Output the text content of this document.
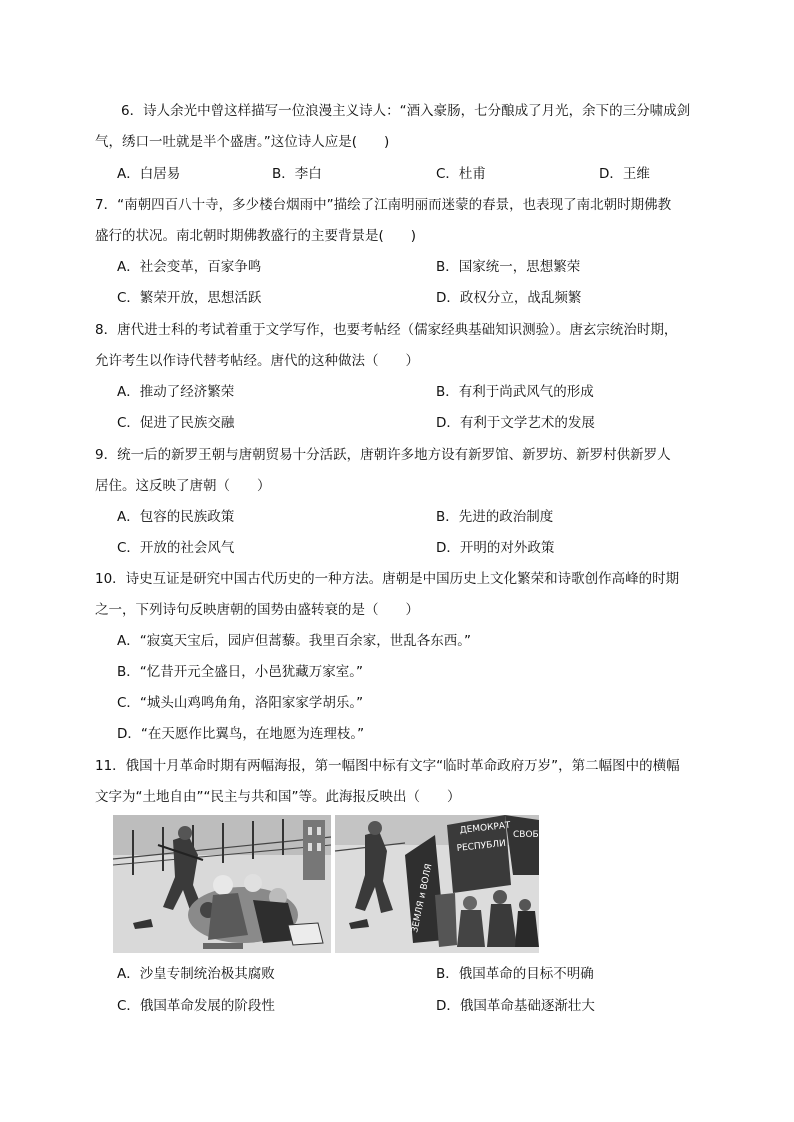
6．诗人余光中曾这样描写一位浪漫主义诗人：“酒入豪肠，七分酿成了月光，余下的三分啸成剑
气，绣口一吐就是半个盛唐。”这位诗人应是(　　)
A．白居易	B．李白	C．杜甫	D．王维
7．“南朝四百八十寺，多少楼台烟雨中”描绘了江南明丽而迷蒙的春景，也表现了南北朝时期佛教
盛行的状况。南北朝时期佛教盛行的主要背景是(　　)
A．社会变革，百家争鸣	B．国家统一，思想繁荣
C．繁荣开放，思想活跃	D．政权分立，战乱频繁
8．唐代进士科的考试着重于文学写作，也要考帖经（儒家经典基础知识测验）。唐玄宗统治时期，
允许考生以作诗代替考帖经。唐代的这种做法（　　）
A．推动了经济繁荣	B．有利于尚武风气的形成
C．促进了民族交融	D．有利于文学艺术的发展
9．统一后的新罗王朝与唐朝贸易十分活跃，唐朝许多地方设有新罗馆、新罗坊、新罗村供新罗人
居住。这反映了唐朝（　　）
A．包容的民族政策	B．先进的政治制度
C．开放的社会风气	D．开明的对外政策
10．诗史互证是研究中国古代历史的一种方法。唐朝是中国历史上文化繁荣和诗歌创作高峰的时期
之一，下列诗句反映唐朝的国势由盛转衰的是（　　）
A．“寂寞天宝后，园庐但蒿藜。我里百余家，世乱各东西。”
B．“忆昔开元全盛日，小邑犹藏万家室。”
C．“城头山鸡鸣角角，洛阳家家学胡乐。”
D．“在天愿作比翼鸟，在地愿为连理枝。”
11．俄国十月革命时期有两幅海报，第一幅图中标有文字“临时革命政府万岁”，第二幅图中的横幅
文字为“土地自由”“民主与共和国”等。此海报反映出（　　）
ДЕМОКРАТ
РЕСПУБЛИ
СВОБО
ЗЕМЛЯ и ВОЛЯ
A．沙皇专制统治极其腐败	B．俄国革命的目标不明确
C．俄国革命发展的阶段性	D．俄国革命基础逐渐壮大
